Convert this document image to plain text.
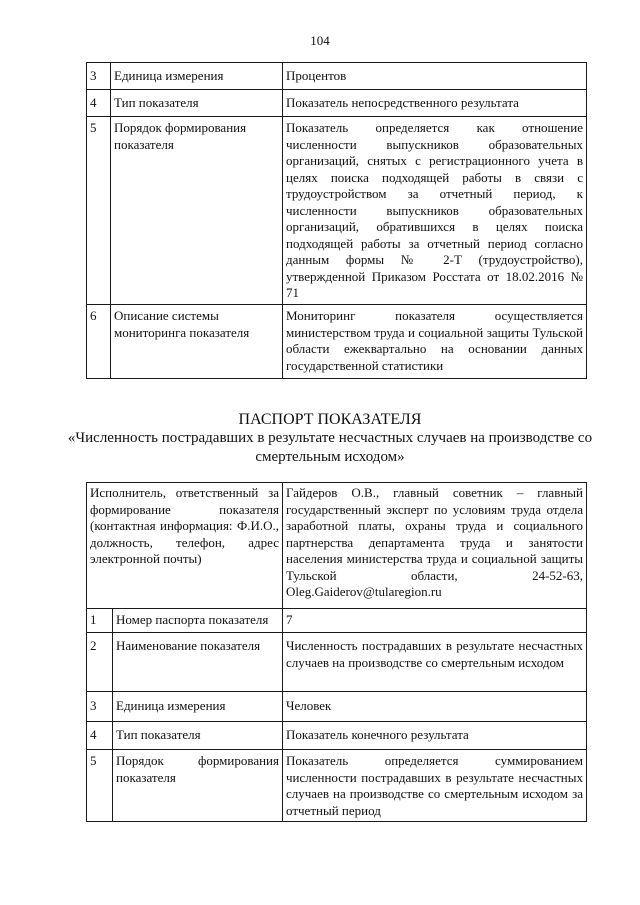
104
3	Единица измерения	Процентов
4	Тип показателя	Показатель непосредственного результата
5	Порядок формирования показателя	Показатель определяется как отношение численности выпускников образовательных организаций, снятых с регистрационного учета в целях поиска подходящей работы в связи с трудоустройством за отчетный период, к численности выпускников образовательных организаций, обратившихся в целях поиска подходящей работы за отчетный период согласно данным формы № 2-Т (трудоустройство), утвержденной Приказом Росстата от 18.02.2016 № 71
6	Описание системы мониторинга показателя	Мониторинг показателя осуществляется министерством труда и социальной защиты Тульской области ежеквартально на основании данных государственной статистики
ПАСПОРТ ПОКАЗАТЕЛЯ
«Численность пострадавших в результате несчастных случаев на производстве со смертельным исходом»
Исполнитель, ответственный за формирование показателя (контактная информация: Ф.И.О., должность, телефон, адрес электронной почты)		Гайдеров О.В., главный советник – главный государственный эксперт по условиям труда отдела заработной платы, охраны труда и социального партнерства департамента труда и занятости населения министерства труда и социальной защиты Тульской области, 24-52-63, Oleg.Gaiderov@tularegion.ru
1	Номер паспорта показателя	7
2	Наименование показателя	Численность пострадавших в результате несчастных случаев на производстве со смертельным исходом
3	Единица измерения	Человек
4	Тип показателя	Показатель конечного результата
5	Порядок формирования показателя	Показатель определяется суммированием численности пострадавших в результате несчастных случаев на производстве со смертельным исходом за отчетный период
